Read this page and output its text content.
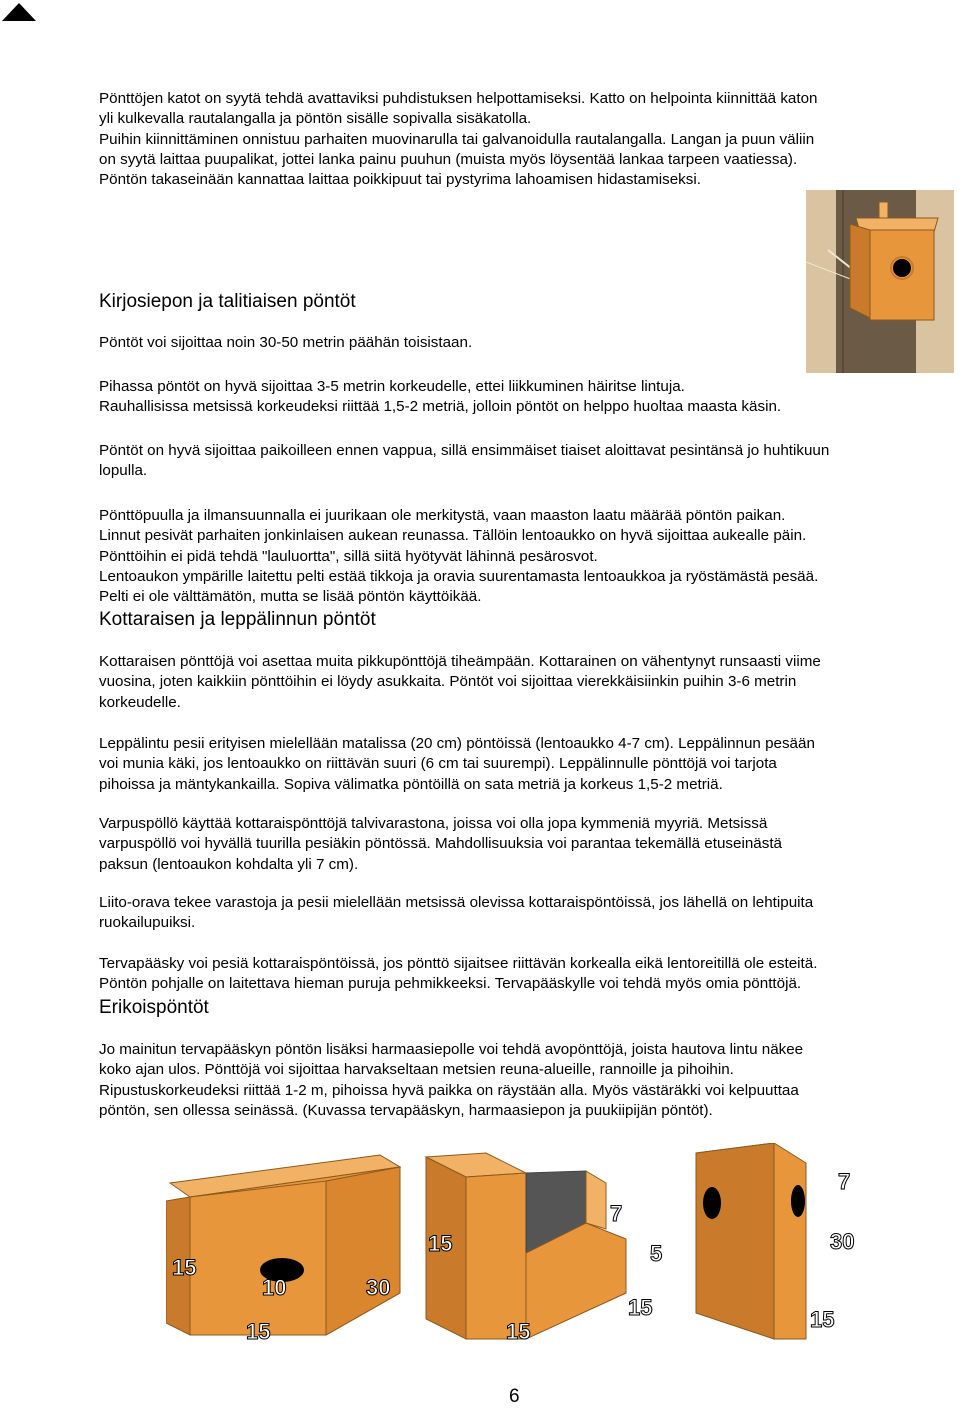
Pönttöjen katot on syytä tehdä avattaviksi puhdistuksen helpottamiseksi. Katto on helpointa kiinnittää katon
yli kulkevalla rautalangalla ja pöntön sisälle sopivalla sisäkatolla.
Puihin kiinnittäminen onnistuu parhaiten muovinarulla tai galvanoidulla rautalangalla. Langan ja puun väliin
on syytä laittaa puupalikat, jottei lanka painu puuhun (muista myös löysentää lankaa tarpeen vaatiessa).
Pöntön takaseinään kannattaa laittaa poikkipuut tai pystyrima lahoamisen hidastamiseksi.
Kirjosiepon ja talitiaisen pöntöt
Pöntöt voi sijoittaa noin 30-50 metrin päähän toisistaan.
Pihassa pöntöt on hyvä sijoittaa 3-5 metrin korkeudelle, ettei liikkuminen häiritse lintuja.
Rauhallisissa metsissä korkeudeksi riittää 1,5-2 metriä, jolloin pöntöt on helppo huoltaa maasta käsin.
Pöntöt on hyvä sijoittaa paikoilleen ennen vappua, sillä ensimmäiset tiaiset aloittavat pesintänsä jo huhtikuun
lopulla.
Pönttöpuulla ja ilmansuunnalla ei juurikaan ole merkitystä, vaan maaston laatu määrää pöntön paikan.
Linnut pesivät parhaiten jonkinlaisen aukean reunassa. Tällöin lentoaukko on hyvä sijoittaa aukealle päin.
Pönttöihin ei pidä tehdä "lauluortta", sillä siitä hyötyvät lähinnä pesärosvot.
Lentoaukon ympärille laitettu pelti estää tikkoja ja oravia suurentamasta lentoaukkoa ja ryöstämästä pesää.
Pelti ei ole välttämätön, mutta se lisää pöntön käyttöikää.
Kottaraisen ja leppälinnun pöntöt
Kottaraisen pönttöjä voi asettaa muita pikkupönttöjä tiheämpään. Kottarainen on vähentynyt runsaasti viime
vuosina, joten kaikkiin pönttöihin ei löydy asukkaita. Pöntöt voi sijoittaa vierekkäisiinkin puihin 3-6 metrin
korkeudelle.
Leppälintu pesii erityisen mielellään matalissa (20 cm) pöntöissä (lentoaukko 4-7 cm). Leppälinnun pesään
voi munia käki, jos lentoaukko on riittävän suuri (6 cm tai suurempi). Leppälinnulle pönttöjä voi tarjota
pihoissa ja mäntykankailla. Sopiva välimatka pöntöillä on sata metriä ja korkeus 1,5-2 metriä.
Varpuspöllö käyttää kottaraispönttöjä talvivarastona, joissa voi olla jopa kymmeniä myyriä. Metsissä
varpuspöllö voi hyvällä tuurilla pesiäkin pöntössä. Mahdollisuuksia voi parantaa tekemällä etuseinästä
paksun (lentoaukon kohdalta yli 7 cm).
Liito-orava tekee varastoja ja pesii mielellään metsissä olevissa kottaraispöntöissä, jos lähellä on lehtipuita
ruokailupuiksi.
Tervapääsky voi pesiä kottaraispöntöissä, jos pönttö sijaitsee riittävän korkealla eikä lentoreitillä ole esteitä.
Pöntön pohjalle on laitettava hieman puruja pehmikkeeksi. Tervapääskylle voi tehdä myös omia pönttöjä.
Erikoispöntöt
Jo mainitun tervapääskyn pöntön lisäksi harmaasiepolle voi tehdä avopönttöjä, joista hautova lintu näkee
koko ajan ulos. Pönttöjä voi sijoittaa harvakseltaan metsien reuna-alueille, rannoille ja pihoihin.
Ripustuskorkeudeksi riittää 1-2 m, pihoissa hyvä paikka on räystään alla. Myös västäräkki voi kelpuuttaa
pöntön, sen ollessa seinässä. (Kuvassa tervapääskyn, harmaasiepon ja puukiipijän pöntöt).
15
10	30
15
15
7
5
15
15
7
30
15
6
